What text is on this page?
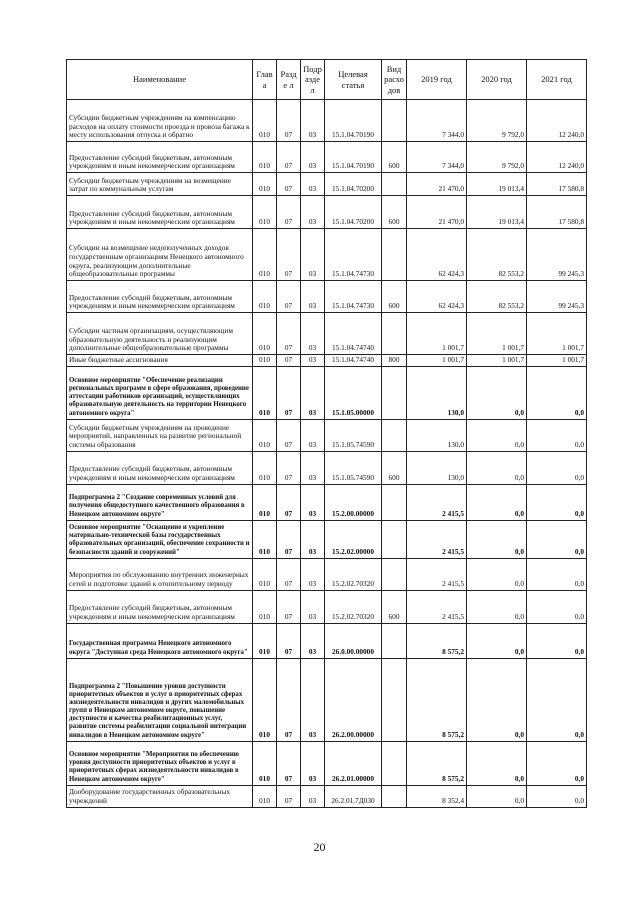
Наименование	Глав а	Разде л	Подр аздел	Целевая статья	Вид расхо дов	2019 год	2020 год	2021 год
Субсидии бюджетным учреждениям на компенсацию расходов на оплату стоимости проезда и провоза багажа к месту использования отпуска и обратно	010	07	03	15.1.04.70190		7 344,0	9 792,0	12 240,0
Предоставление субсидий бюджетным, автономным учреждениям и иным некоммерческим организациям	010	07	03	15.1.04.70190	600	7 344,0	9 792,0	12 240,0
Субсидии бюджетным учреждениям на возмещение затрат по коммунальным услугам	010	07	03	15.1.04.70200		21 470,0	19 013,4	17 580,8
Предоставление субсидий бюджетным, автономным учреждениям и иным некоммерческим организациям	010	07	03	15.1.04.70200	600	21 470,0	19 013,4	17 580,8
Субсидии на возмещение недополученных доходов государственным организациям Ненецкого автономного округа, реализующим дополнительные общеобразовательные программы	010	07	03	15.1.04.74730		62 424,3	82 553,2	99 245,3
Предоставление субсидий бюджетным, автономным учреждениям и иным некоммерческим организациям	010	07	03	15.1.04.74730	600	62 424,3	82 553,2	99 245,3
Субсидии частным организациям, осуществляющим образовательную деятельность и реализующим дополнительные общеобразовательные программы	010	07	03	15.1.04.74740		1 001,7	1 001,7	1 001,7
Иные бюджетные ассигнования	010	07	03	15.1.04.74740	800	1 001,7	1 001,7	1 001,7
Основное мероприятие "Обеспечение реализации региональных программ в сфере образования, проведение аттестации работников организаций, осуществляющих образовательную деятельность на территории Ненецкого автономного округа"	010	07	03	15.1.05.00000		130,0	0,0	0,0
Субсидии бюджетным учреждениям на проведение мероприятий, направленных на развитие региональной системы образования	010	07	03	15.1.05.74590		130,0	0,0	0,0
Предоставление субсидий бюджетным, автономным учреждениям и иным некоммерческим организациям	010	07	03	15.1.05.74590	600	130,0	0,0	0,0
Подпрограмма 2 "Создание современных условий для получения общедоступного качественного образования в Ненецком автономном округе"	010	07	03	15.2.00.00000		2 415,5	0,0	0,0
Основное мероприятие "Оснащение и укрепление материально-технической базы государственных образовательных организаций, обеспечение сохранности и безопасности зданий и сооружений"	010	07	03	15.2.02.00000		2 415,5	0,0	0,0
Мероприятия по обслуживанию внутренних инженерных сетей и подготовке зданий к отопительному периоду	010	07	03	15.2.02.70320		2 415,5	0,0	0,0
Предоставление субсидий бюджетным, автономным учреждениям и иным некоммерческим организациям	010	07	03	15.2.02.70320	600	2 415,5	0,0	0,0
Государственная программа Ненецкого автономного округа "Доступная среда Ненецкого автономного округа"	010	07	03	26.0.00.00000		8 575,2	0,0	0,0
Подпрограмма 2 "Повышение уровня доступности приоритетных объектов и услуг в приоритетных сферах жизнедеятельности инвалидов и других маломобильных групп в Ненецком автономном округе, повышение доступности и качества реабилитационных услуг, развитие системы реабилитации социальной интеграции инвалидов в Ненецком автономном округе"	010	07	03	26.2.00.00000		8 575,2	0,0	0,0
Основное мероприятие "Мероприятия по обеспечению уровня доступности приоритетных объектов и услуг в приоритетных сферах жизнедеятельности инвалидов в Ненецком автономном округе"	010	07	03	26.2.01.00000		8 575,2	0,0	0,0
Дооборудование государственных образовательных учреждений	010	07	03	26.2.01.7Д030		8 352,4	0,0	0,0
20
